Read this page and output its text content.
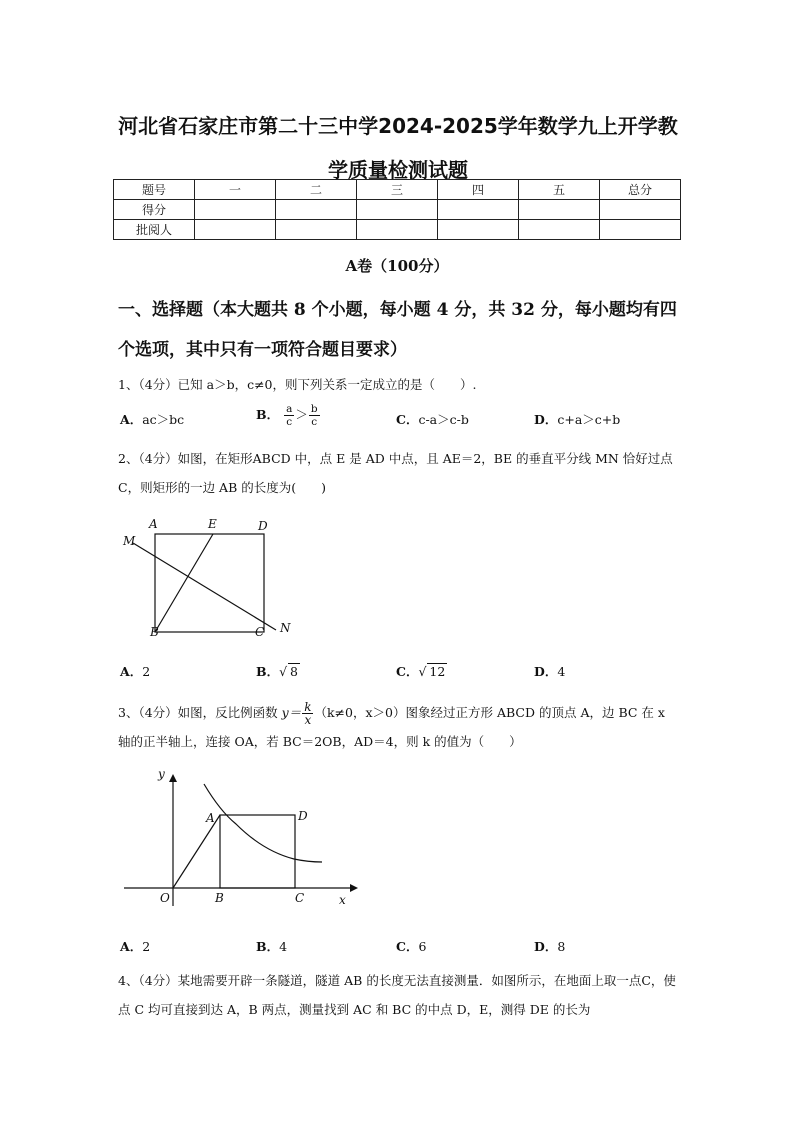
河北省石家庄市第二十三中学2024-2025学年数学九上开学教学质量检测试题
题号	一	二	三	四	五	总分
得分						
批阅人						
A卷（100分）
一、选择题（本大题共 8 个小题，每小题 4 分，共 32 分，每小题均有四个选项，其中只有一项符合题目要求）
1、（4分）已知 a＞b，c≠0，则下列关系一定成立的是（　　）.
A．ac＞bc	B． $\frac{a}{c} > \frac{b}{c}$	C．c-a＞c-b	D．c+a＞c+b
2、（4分）如图，在矩形ABCD 中，点 E 是 AD 中点，且 AE＝2，BE 的垂直平分线 MN 恰好过点 C，则矩形的一边 AB 的长度为(　　)
A	E	D
M
B	C N
A．2	B．√ 8	C．√ 12	D．4
3、（4分）如图，反比例函数 $y= \frac{k}{x} (k\ne 0$，x＞0）图象经过正方形 ABCD 的顶点 A，边 BC 在 x 轴的正半轴上，连接 OA，若 BC＝2OB，AD＝4，则 k 的值为（　　）
y
A	D
O	B	C	x
A．2	B．4	C．6	D．8
4、（4分）某地需要开辟一条隧道，隧道 AB 的长度无法直接测量．如图所示，在地面上取一点C，使点 C 均可直接到达 A，B 两点，测量找到 AC 和 BC 的中点 D，E，测得 DE 的长为
